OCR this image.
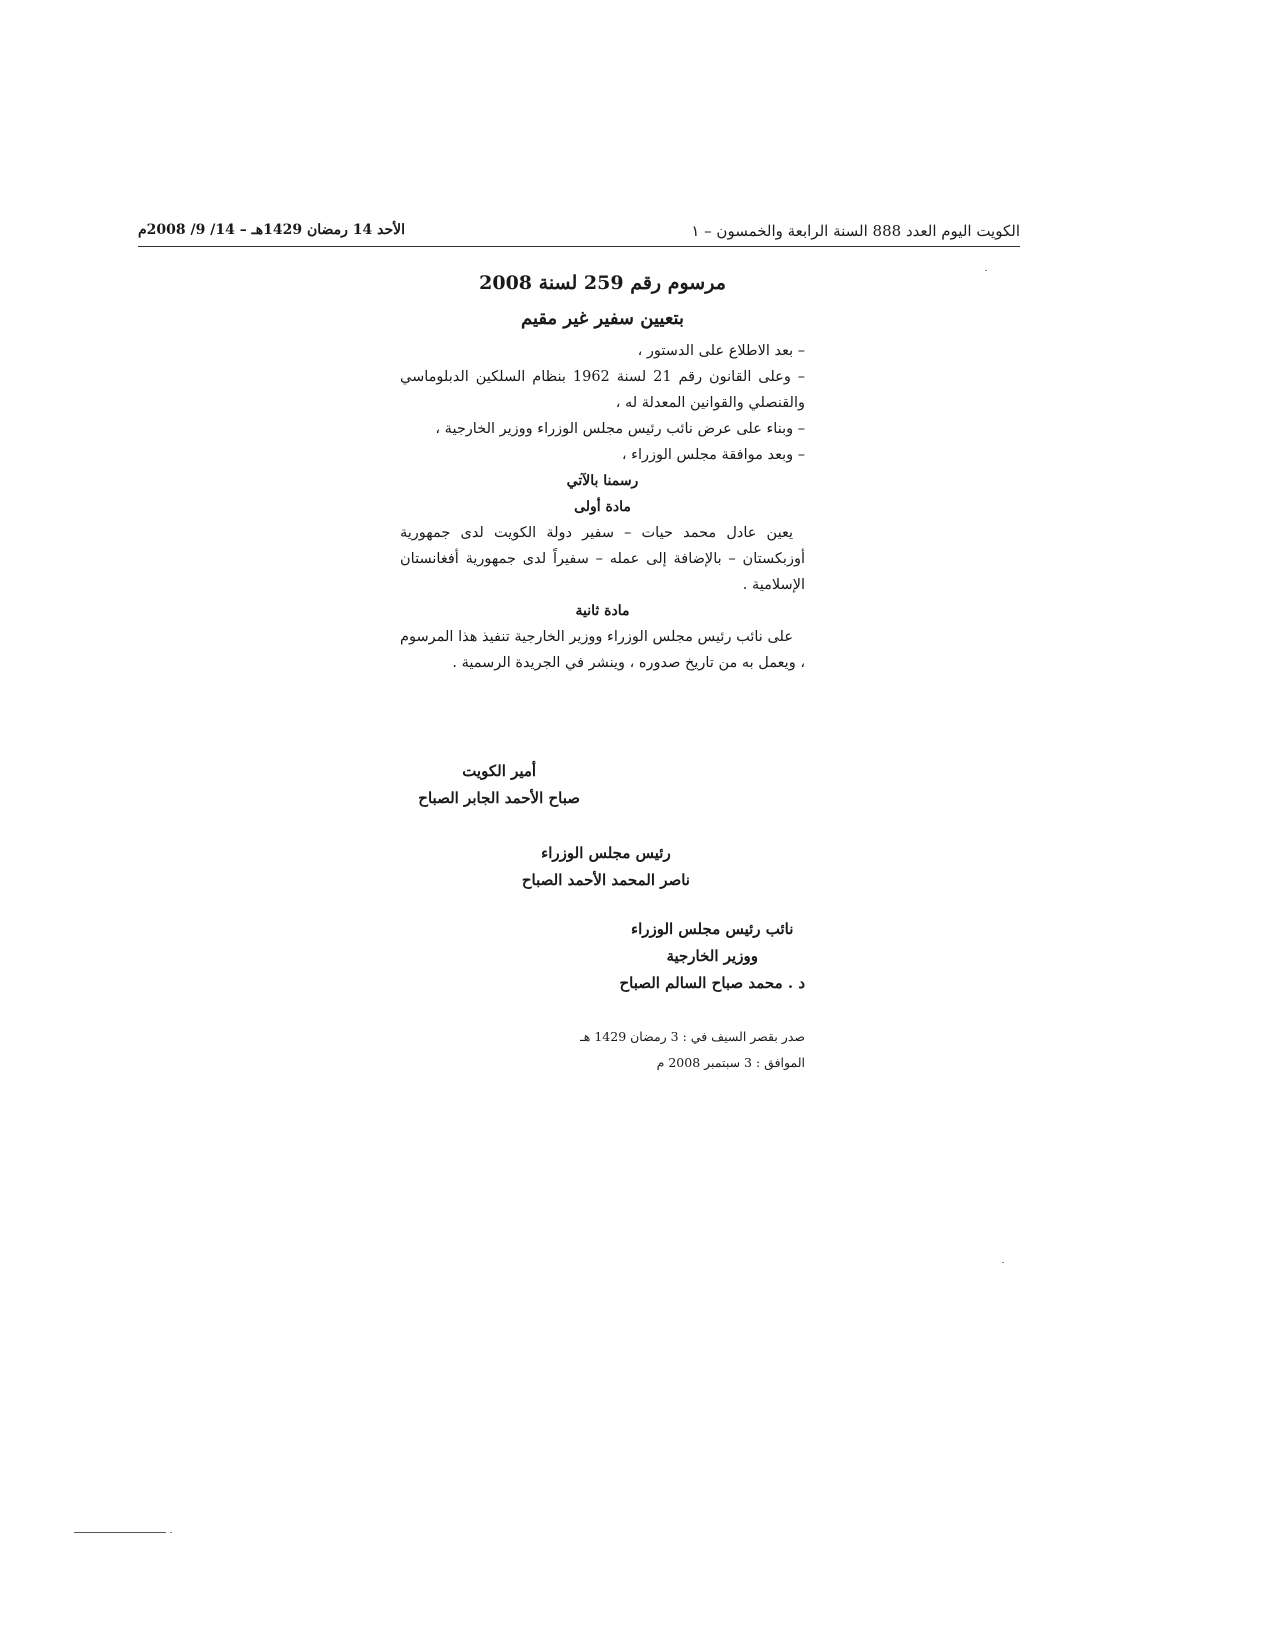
الكويت اليوم العدد 888 السنة الرابعة والخمسون – ١
الأحد 14 رمضان 1429هـ – 14/ 9/ 2008م
مرسوم رقم 259 لسنة 2008
بتعيين سفير غير مقيم
– بعد الاطلاع على الدستور ،
– وعلى القانون رقم 21 لسنة 1962 بنظام السلكين الدبلوماسي والقنصلي والقوانين المعدلة له ،
– وبناء على عرض نائب رئيس مجلس الوزراء ووزير الخارجية ،
– وبعد موافقة مجلس الوزراء ،
رسمنا بالآتي
مادة أولى
يعين عادل محمد حيات – سفير دولة الكويت لدى جمهورية أوزبكستان – بالإضافة إلى عمله – سفيراً لدى جمهورية أفغانستان الإسلامية .
مادة ثانية
على نائب رئيس مجلس الوزراء ووزير الخارجية تنفيذ هذا المرسوم ، ويعمل به من تاريخ صدوره ، وينشر في الجريدة الرسمية .
أمير الكويت
صباح الأحمد الجابر الصباح
رئيس مجلس الوزراء
ناصر المحمد الأحمد الصباح
نائب رئيس مجلس الوزراء
ووزير الخارجية
د . محمد صباح السالم الصباح
صدر بقصر السيف في : 3 رمضان 1429 هـ
الموافق : 3 سبتمبر 2008 م
